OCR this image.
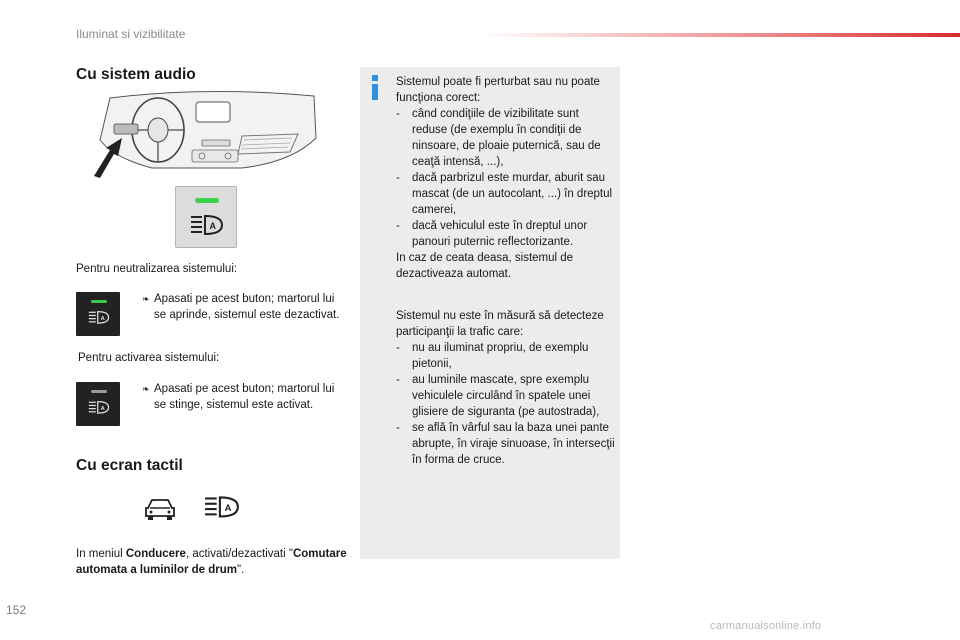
Iluminat si vizibilitate
Cu sistem audio
A
Pentru neutralizarea sistemului:
A
❧ Apasati pe acest buton; martorul lui se aprinde, sistemul este dezactivat.
Pentru activarea sistemului:
A
❧ Apasati pe acest buton; martorul lui se stinge, sistemul este activat.
Cu ecran tactil
A
In meniul Conducere, activati/dezactivati "Comutare automata a luminilor de drum".
Sistemul poate fi perturbat sau nu poate funcţiona corect:
- când condiţiile de vizibilitate sunt reduse (de exemplu în condiţii de ninsoare, de ploaie puternică, sau de ceaţă intensă, ...),
- dacă parbrizul este murdar, aburit sau mascat (de un autocolant, ...) în dreptul camerei,
- dacă vehiculul este în dreptul unor panouri puternic reflectorizante.
In caz de ceata deasa, sistemul de dezactiveaza automat.
Sistemul nu este în măsură să detecteze participanţii la trafic care:
- nu au iluminat propriu, de exemplu pietonii,
- au luminile mascate, spre exemplu vehiculele circulând în spatele unei glisiere de siguranta (pe autostrada),
- se află în vârful sau la baza unei pante abrupte, în viraje sinuoase, în intersecţii în forma de cruce.
152
carmanualsonline.info
